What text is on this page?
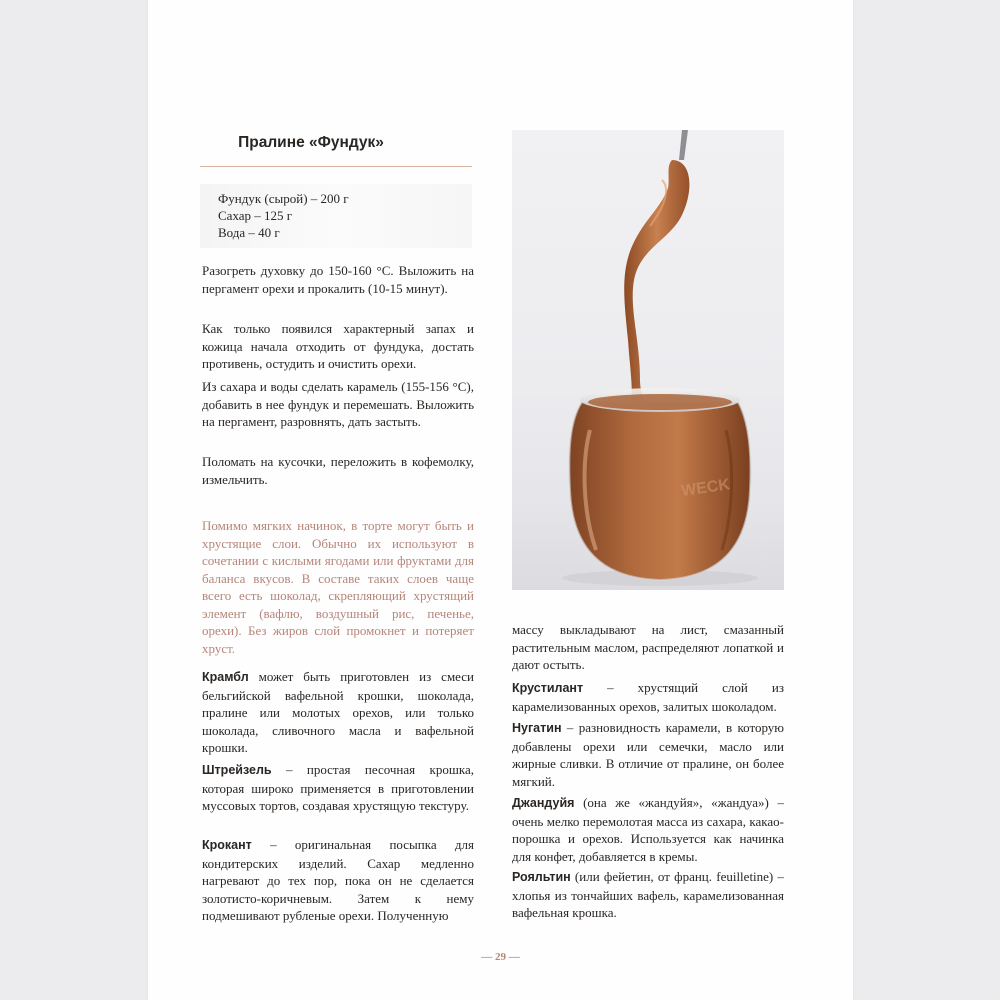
Пралине «Фундук»
Фундук (сырой) – 200 г
Сахар – 125 г
Вода – 40 г

Разогреть духовку до 150-160 °С. Выложить на пергамент орехи и прокалить (10-15 минут).

Как только появился характерный запах и кожица начала отходить от фундука, достать противень, остудить и очистить орехи.

Из сахара и воды сделать карамель (155-156 °С), добавить в нее фундук и перемешать. Выложить на пергамент, разровнять, дать застыть.

Поломать на кусочки, переложить в кофемолку, измельчить.

Помимо мягких начинок, в торте могут быть и хрустящие слои. Обычно их используют в сочетании с кислыми ягодами или фруктами для баланса вкусов. В составе таких слоев чаще всего есть шоколад, скрепляющий хрустящий элемент (вафлю, воздушный рис, печенье, орехи). Без жиров слой промокнет и потеряет хруст.

Крамбл может быть приготовлен из смеси бельгийской вафельной крошки, шоколада, пралине или молотых орехов, или только шоколада, сливочного масла и вафельной крошки.

Штрейзель – простая песочная крошка, которая широко применяется в приготовлении муссовых тортов, создавая хрустящую текстуру.

Крокант – оригинальная посыпка для кондитерских изделий. Сахар медленно нагревают до тех пор, пока он не сделается золотисто-коричневым. Затем к нему подмешивают рубленые орехи. Полученную

WECK

массу выкладывают на лист, смазанный растительным маслом, распределяют лопаткой и дают остыть.

Крустилант – хрустящий слой из карамелизованных орехов, залитых шоколадом.

Нугатин – разновидность карамели, в которую добавлены орехи или семечки, масло или жирные сливки. В отличие от пралине, он более мягкий.

Джандуйя (она же «жандуйя», «жандуа») – очень мелко перемолотая масса из сахара, какао-порошка и орехов. Используется как начинка для конфет, добавляется в кремы.

Рояльтин (или фейетин, от франц. feuilletine) – хлопья из тончайших вафель, карамелизованная вафельная крошка.

— 29 —
